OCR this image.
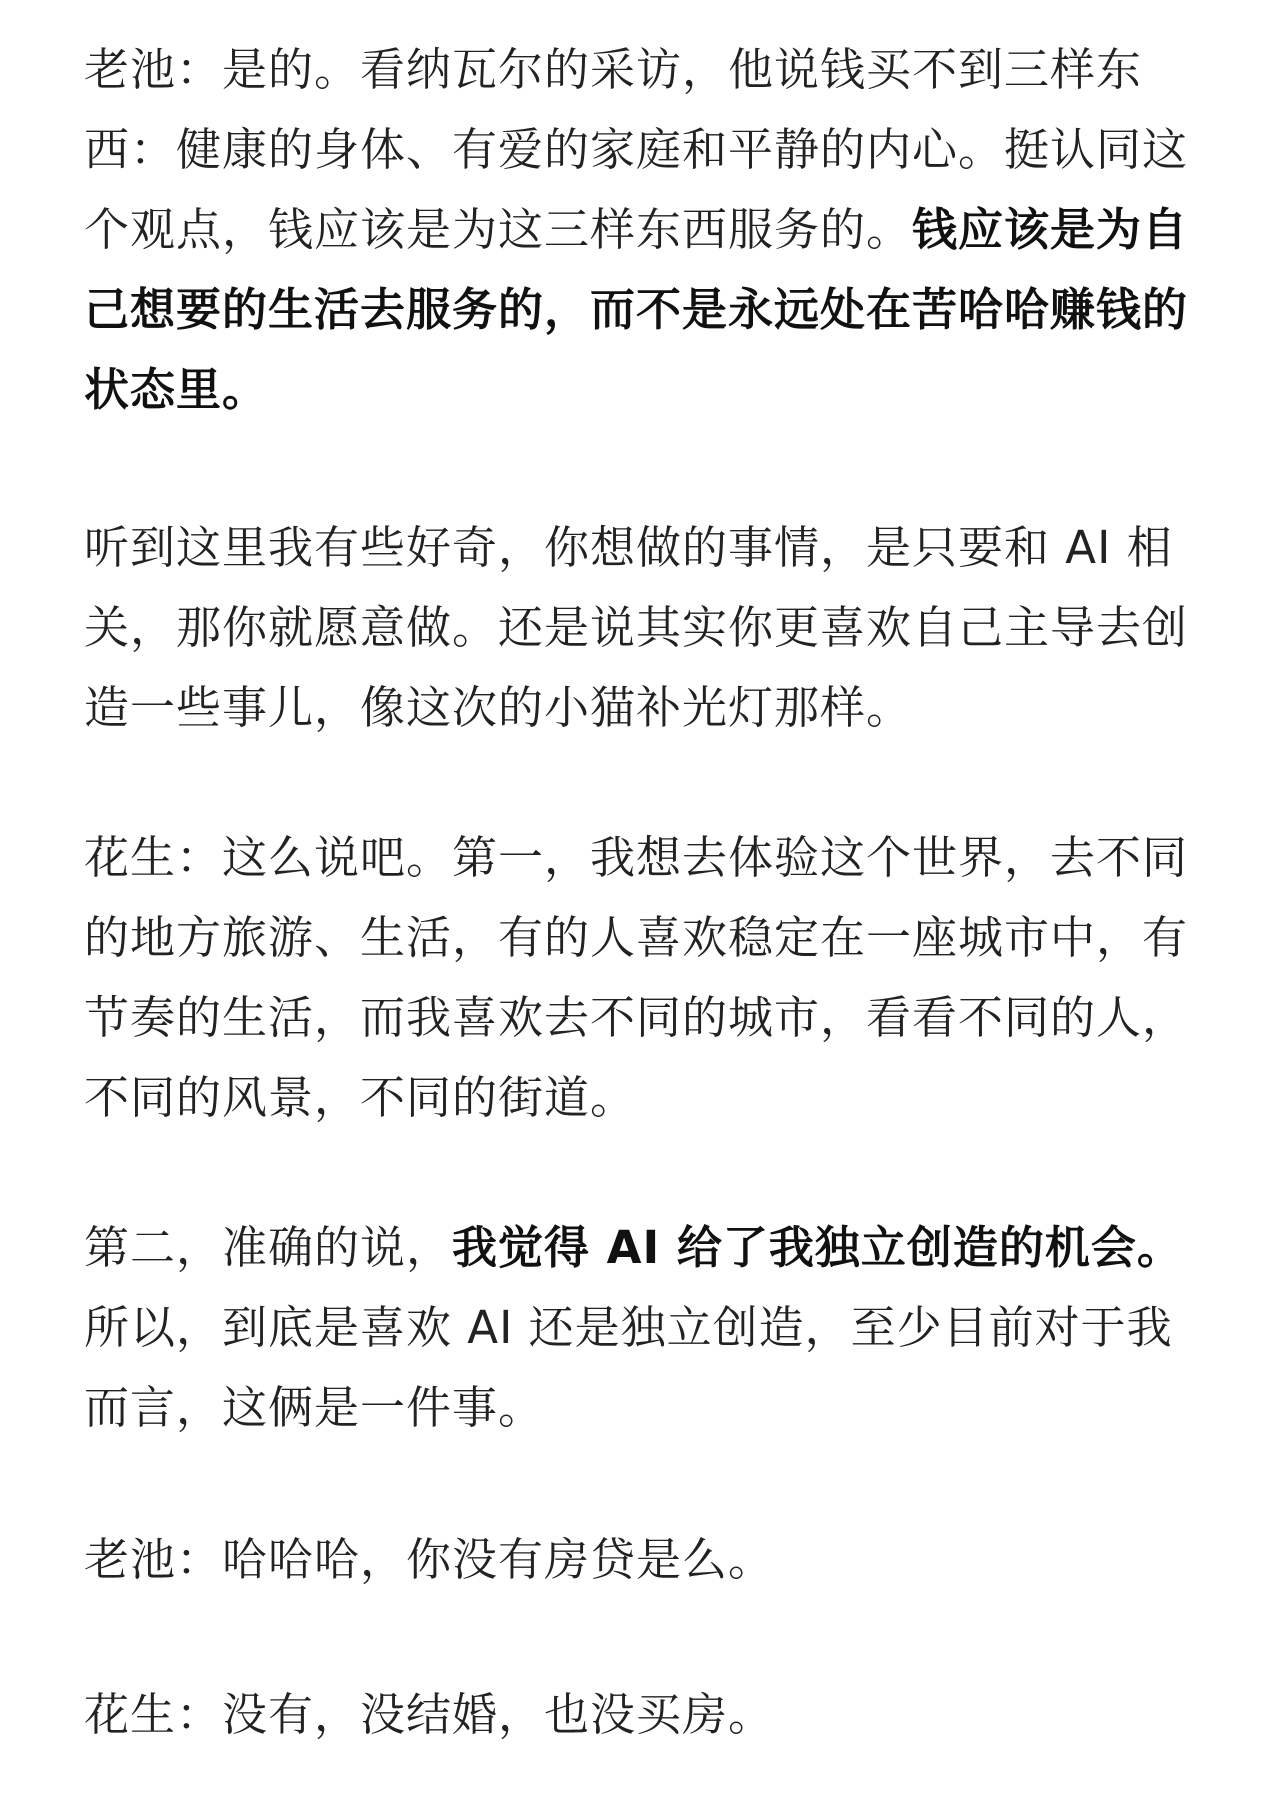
老池：是的。看纳瓦尔的采访，他说钱买不到三样东西：健康的身体、有爱的家庭和平静的内心。挺认同这个观点，钱应该是为这三样东西服务的。钱应该是为自己想要的生活去服务的，而不是永远处在苦哈哈赚钱的状态里。

听到这里我有些好奇，你想做的事情，是只要和 AI 相关，那你就愿意做。还是说其实你更喜欢自己主导去创造一些事儿，像这次的小猫补光灯那样。

花生：这么说吧。第一，我想去体验这个世界，去不同的地方旅游、生活，有的人喜欢稳定在一座城市中，有节奏的生活，而我喜欢去不同的城市，看看不同的人，不同的风景，不同的街道。

第二，准确的说，我觉得 AI 给了我独立创造的机会。所以，到底是喜欢 AI 还是独立创造，至少目前对于我而言，这俩是一件事。

老池：哈哈哈，你没有房贷是么。

花生：没有，没结婚，也没买房。
